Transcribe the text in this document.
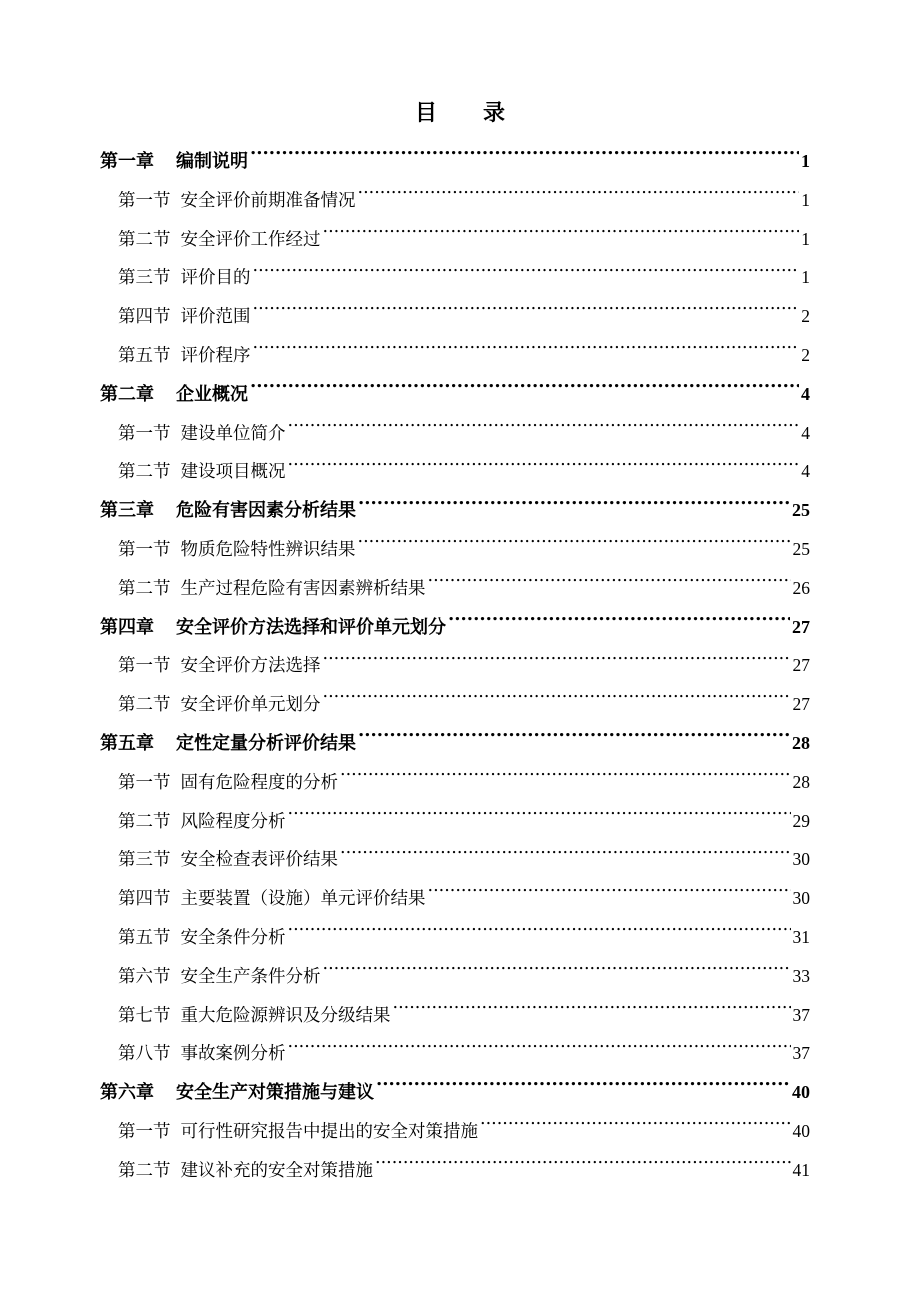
目 录
第一章 编制说明 .....	1
第一节 安全评价前期准备情况 .....	1
第二节 安全评价工作经过 .....	1
第三节 评价目的 .....	1
第四节 评价范围 .....	2
第五节 评价程序 .....	2
第二章 企业概况 .....	4
第一节 建设单位简介 .....	4
第二节 建设项目概况 .....	4
第三章 危险有害因素分析结果 .....	25
第一节 物质危险特性辨识结果 .....	25
第二节 生产过程危险有害因素辨析结果 .....	26
第四章 安全评价方法选择和评价单元划分 .....	27
第一节 安全评价方法选择 .....	27
第二节 安全评价单元划分 .....	27
第五章 定性定量分析评价结果 .....	28
第一节 固有危险程度的分析 .....	28
第二节 风险程度分析 .....	29
第三节 安全检查表评价结果 .....	30
第四节 主要装置（设施）单元评价结果 .....	30
第五节 安全条件分析 .....	31
第六节 安全生产条件分析 .....	33
第七节 重大危险源辨识及分级结果 .....	37
第八节 事故案例分析 .....	37
第六章 安全生产对策措施与建议 .....	40
第一节 可行性研究报告中提出的安全对策措施 .....	40
第二节 建议补充的安全对策措施 .....	41
